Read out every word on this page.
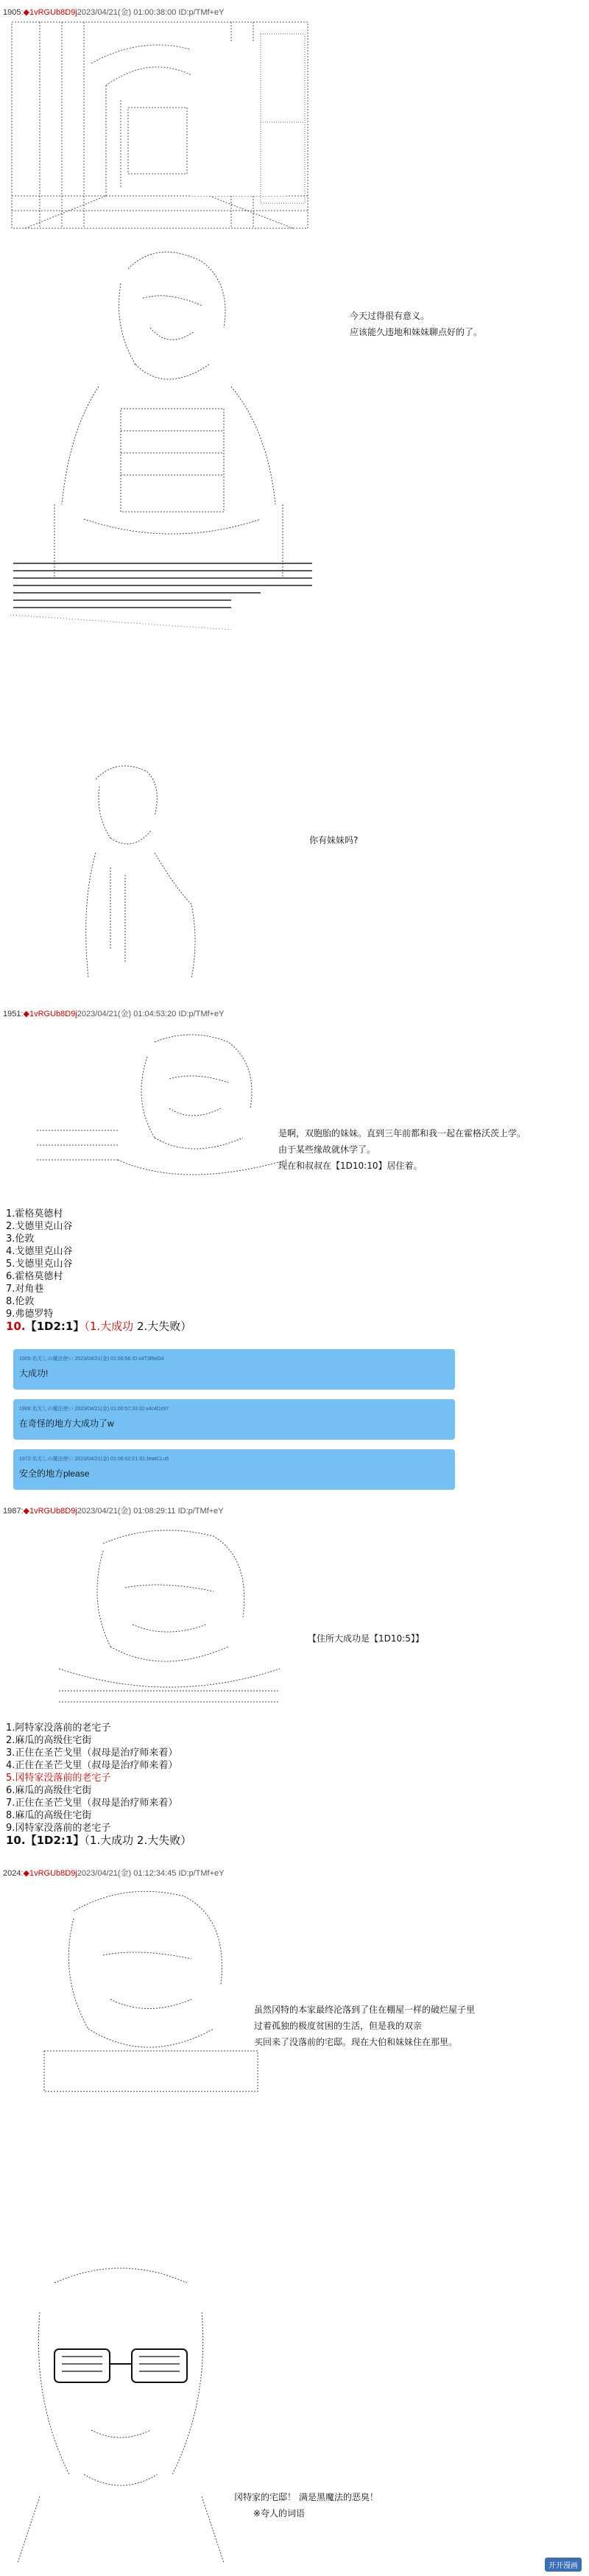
1905:◆1vRGUb8D9j2023/04/21(金) 01:00:38:00 ID:p/TMf+eY

今天过得很有意义。

应该能久违地和妹妹聊点好的了。

你有妹妹吗?

1951:◆1vRGUb8D9j2023/04/21(金) 01:04:53:20 ID:p/TMf+eY

是啊，双胞胎的妹妹。直到三年前都和我一起在霍格沃茨上学。

由于某些缘故就休学了。

现在和叔叔在【1D10:10】居住着。

1.霍格莫德村
2.戈德里克山谷
3.伦敦
4.戈德里克山谷
5.戈德里克山谷
6.霍格莫德村
7.对角巷
8.伦敦
9.弗德罗特
10.【1D2:1】（1.大成功 2.大失败）
1905:名无しの魔法使い 2023/04/21(金) 01:00:56 ID:x4T3f6eD4
大成功!
1906:名无しの魔法使い 2023/04/21(金) 01:00:57:33 ID:x4c4Dz97
在奇怪的地方大成功了w
1972:名无しの魔法使い 2023/04/21(金) 01:06:02:21 ID:JewtCLu5
安全的地方please
1987:◆1vRGUb8D9j2023/04/21(金) 01:08:29:11 ID:p/TMf+eY

【住所大成功是【1D10:5】】

1.阿特家没落前的老宅子
2.麻瓜的高级住宅街
3.正住在圣芒戈里（叔母是治疗师来着）
4.正住在圣芒戈里（叔母是治疗师来着）
5.冈特家没落前的老宅子
6.麻瓜的高级住宅街
7.正住在圣芒戈里（叔母是治疗师来着）
8.麻瓜的高级住宅街
9.冈特家没落前的老宅子
10.【1D2:1】（1.大成功 2.大失败）
2024:◆1vRGUb8D9j2023/04/21(金) 01:12:34:45 ID:p/TMf+eY

虽然冈特的本家最终沦落到了住在棚屋一样的破烂屋子里

过着孤独的极度贫困的生活，但是我的双亲

买回来了没落前的宅邸。现在大伯和妹妹住在那里。

冈特家的宅邸！ 满是黑魔法的恶臭！

※夸人的词语

开开漫画
